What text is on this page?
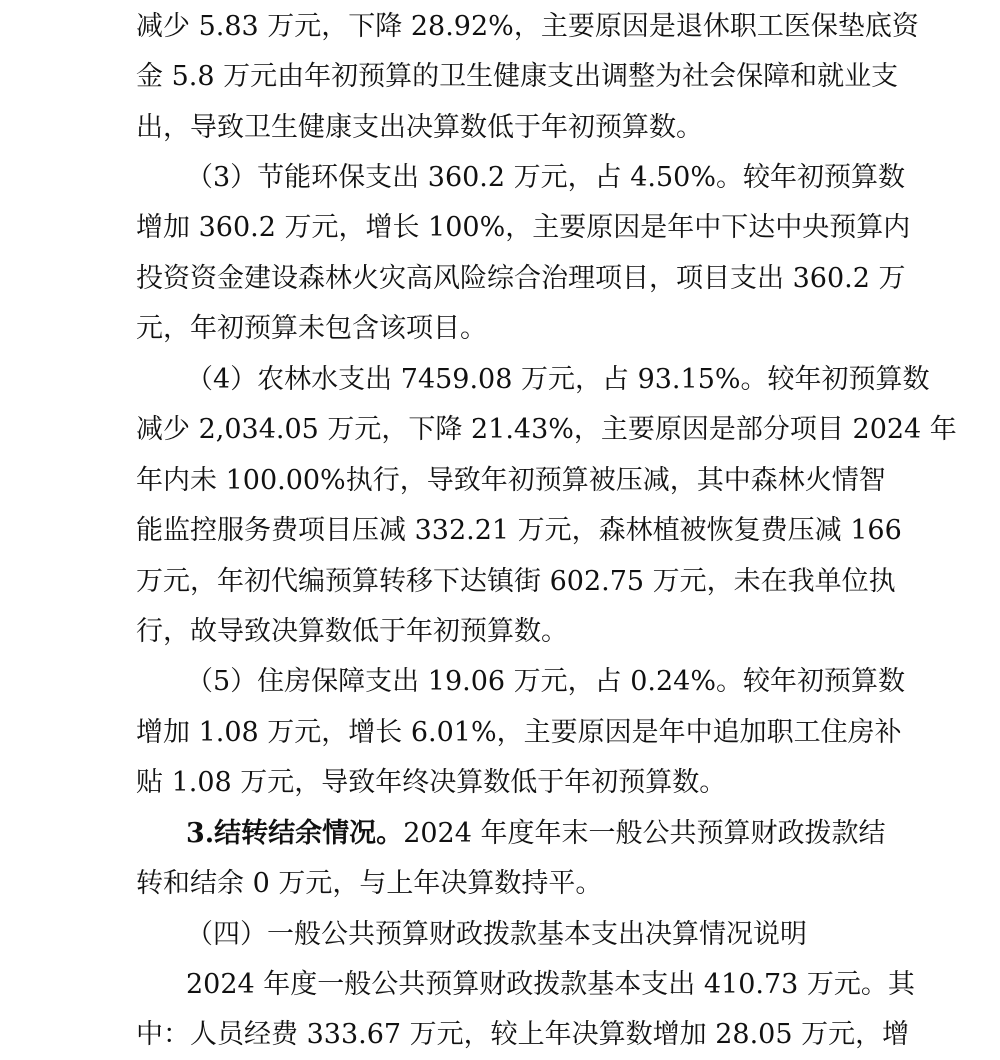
减少 5.83 万元，下降 28.92%，主要原因是退休职工医保垫底资
金 5.8 万元由年初预算的卫生健康支出调整为社会保障和就业支
出，导致卫生健康支出决算数低于年初预算数。
（3）节能环保支出 360.2 万元，占 4.50%。较年初预算数
增加 360.2 万元，增长 100%，主要原因是年中下达中央预算内
投资资金建设森林火灾高风险综合治理项目，项目支出 360.2 万
元，年初预算未包含该项目。
（4）农林水支出 7459.08 万元，占 93.15%。较年初预算数
减少 2,034.05 万元，下降 21.43%，主要原因是部分项目 2024 年
年内未 100.00%执行，导致年初预算被压减，其中森林火情智
能监控服务费项目压减 332.21 万元，森林植被恢复费压减 166
万元，年初代编预算转移下达镇街 602.75 万元，未在我单位执
行，故导致决算数低于年初预算数。
（5）住房保障支出 19.06 万元，占 0.24%。较年初预算数
增加 1.08 万元，增长 6.01%，主要原因是年中追加职工住房补
贴 1.08 万元，导致年终决算数低于年初预算数。
3.结转结余情况。2024 年度年末一般公共预算财政拨款结
转和结余 0 万元，与上年决算数持平。
（四）一般公共预算财政拨款基本支出决算情况说明
2024 年度一般公共预算财政拨款基本支出 410.73 万元。其
中：人员经费 333.67 万元，较上年决算数增加 28.05 万元，增
